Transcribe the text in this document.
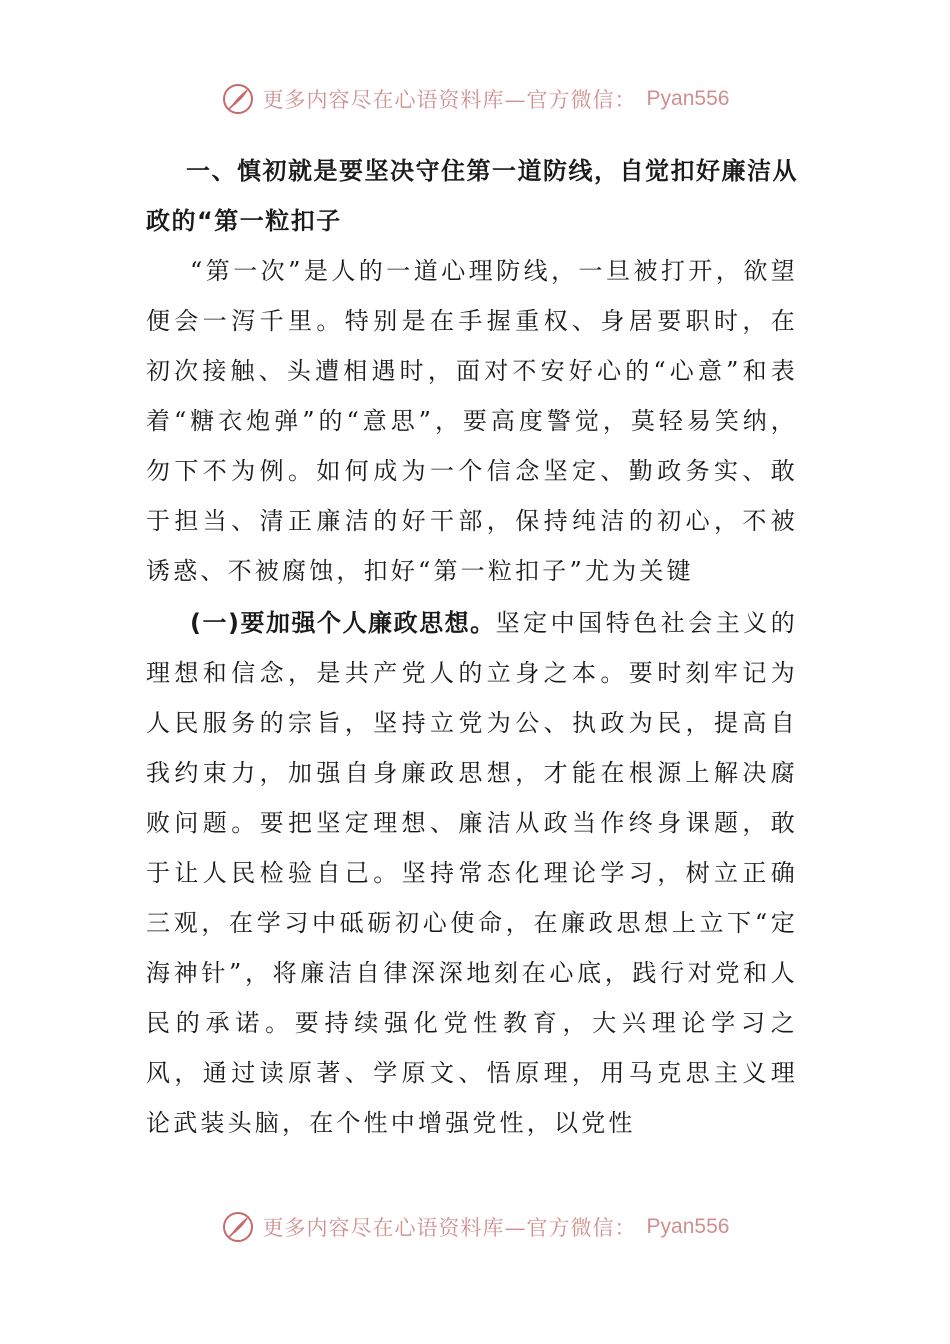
更多内容尽在心语资料库—官方微信： Pyan556

一、慎初就是要坚决守住第一道防线，自觉扣好廉洁从政的“第一粒扣子

“第一次”是人的一道心理防线，一旦被打开，欲望便会一泻千里。特别是在手握重权、身居要职时，在初次接触、头遭相遇时，面对不安好心的“心意”和表着“糖衣炮弹”的“意思”，要高度警觉，莫轻易笑纳，勿下不为例。如何成为一个信念坚定、勤政务实、敢于担当、清正廉洁的好干部，保持纯洁的初心，不被诱惑、不被腐蚀，扣好“第一粒扣子”尤为关键

(一)要加强个人廉政思想。坚定中国特色社会主义的理想和信念，是共产党人的立身之本。要时刻牢记为人民服务的宗旨，坚持立党为公、执政为民，提高自我约束力，加强自身廉政思想，才能在根源上解决腐败问题。要把坚定理想、廉洁从政当作终身课题，敢于让人民检验自己。坚持常态化理论学习，树立正确三观，在学习中砥砺初心使命，在廉政思想上立下“定海神针”，将廉洁自律深深地刻在心底，践行对党和人民的承诺。要持续强化党性教育，大兴理论学习之风，通过读原著、学原文、悟原理，用马克思主义理论武装头脑，在个性中增强党性，以党性

更多内容尽在心语资料库—官方微信： Pyan556
